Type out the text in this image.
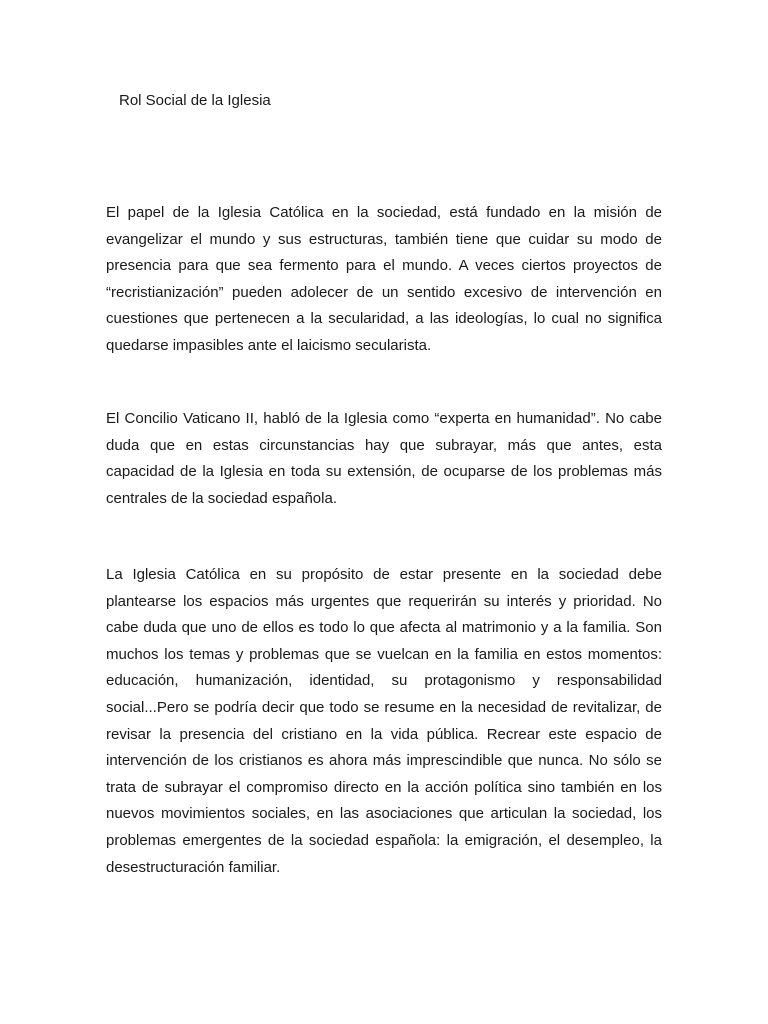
Rol Social de la Iglesia

El papel de la Iglesia Católica en la sociedad, está fundado en la misión de evangelizar el mundo y sus estructuras, también tiene que cuidar su modo de presencia para que sea fermento para el mundo. A veces ciertos proyectos de “recristianización” pueden adolecer de un sentido excesivo de intervención en cuestiones que pertenecen a la secularidad, a las ideologías, lo cual no significa quedarse impasibles ante el laicismo secularista.

El Concilio Vaticano II, habló de la Iglesia como “experta en humanidad”. No cabe duda que en estas circunstancias hay que subrayar, más que antes, esta capacidad de la Iglesia en toda su extensión, de ocuparse de los problemas más centrales de la sociedad española.

La Iglesia Católica en su propósito de estar presente en la sociedad debe plantearse los espacios más urgentes que requerirán su interés y prioridad. No cabe duda que uno de ellos es todo lo que afecta al matrimonio y a la familia. Son muchos los temas y problemas que se vuelcan en la familia en estos momentos: educación, humanización, identidad, su protagonismo y responsabilidad social...Pero se podría decir que todo se resume en la necesidad de revitalizar, de revisar la presencia del cristiano en la vida pública. Recrear este espacio de intervención de los cristianos es ahora más imprescindible que nunca. No sólo se trata de subrayar el compromiso directo en la acción política sino también en los nuevos movimientos sociales, en las asociaciones que articulan la sociedad, los problemas emergentes de la sociedad española: la emigración, el desempleo, la desestructuración familiar.
